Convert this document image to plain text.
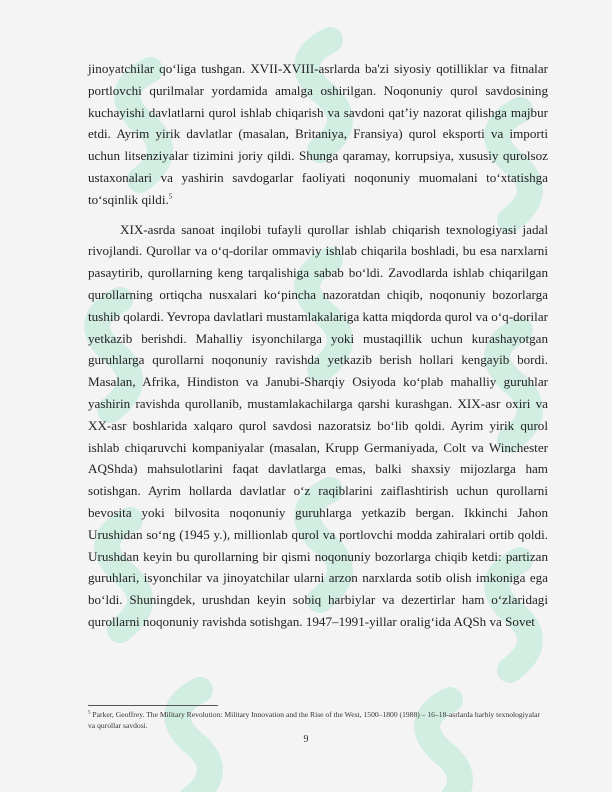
jinoyatchilar qo‘liga tushgan. XVII-XVIII-asrlarda ba'zi siyosiy qotilliklar va fitnalar portlovchi qurilmalar yordamida amalga oshirilgan. Noqonuniy qurol savdosining kuchayishi davlatlarni qurol ishlab chiqarish va savdoni qat’iy nazorat qilishga majbur etdi. Ayrim yirik davlatlar (masalan, Britaniya, Fransiya) qurol eksporti va importi uchun litsenziyalar tizimini joriy qildi. Shunga qaramay, korrupsiya, xususiy qurolsoz ustaxonalari va yashirin savdogarlar faoliyati noqonuniy muomalani to‘xtatishga to‘sqinlik qildi.$^5$

XIX-asrda sanoat inqilobi tufayli qurollar ishlab chiqarish texnologiyasi jadal rivojlandi. Qurollar va o‘q-dorilar ommaviy ishlab chiqarila boshladi, bu esa narxlarni pasaytirib, qurollarning keng tarqalishiga sabab bo‘ldi. Zavodlarda ishlab chiqarilgan qurollarning ortiqcha nusxalari ko‘pincha nazoratdan chiqib, noqonuniy bozorlarga tushib qolardi. Yevropa davlatlari mustamlakalariga katta miqdorda qurol va o‘q-dorilar yetkazib berishdi. Mahalliy isyonchilarga yoki mustaqillik uchun kurashayotgan guruhlarga qurollarni noqonuniy ravishda yetkazib berish hollari kengayib bordi. Masalan, Afrika, Hindiston va Janubi-Sharqiy Osiyoda ko‘plab mahalliy guruhlar yashirin ravishda qurollanib, mustamlakachilarga qarshi kurashgan. XIX-asr oxiri va XX-asr boshlarida xalqaro qurol savdosi nazoratsiz bo‘lib qoldi. Ayrim yirik qurol ishlab chiqaruvchi kompaniyalar (masalan, Krupp Germaniyada, Colt va Winchester AQShda) mahsulotlarini faqat davlatlarga emas, balki shaxsiy mijozlarga ham sotishgan. Ayrim hollarda davlatlar o‘z raqiblarini zaiflashtirish uchun qurollarni bevosita yoki bilvosita noqonuniy guruhlarga yetkazib bergan. Ikkinchi Jahon Urushidan so‘ng (1945 y.), millionlab qurol va portlovchi modda zahiralari ortib qoldi. Urushdan keyin bu qurollarning bir qismi noqonuniy bozorlarga chiqib ketdi: partizan guruhlari, isyonchilar va jinoyatchilar ularni arzon narxlarda sotib olish imkoniga ega bo‘ldi. Shuningdek, urushdan keyin sobiq harbiylar va dezertirlar ham o‘zlaridagi qurollarni noqonuniy ravishda sotishgan. 1947–1991-yillar oralig‘ida AQSh va Sovet

$^5$ Parker, Geoffrey. The Military Revolution: Military Innovation and the Rise of the West, 1500–1800 (1988) – 16–18-asrlarda harbiy texnologiyalar va qurollar savdosi.
9
